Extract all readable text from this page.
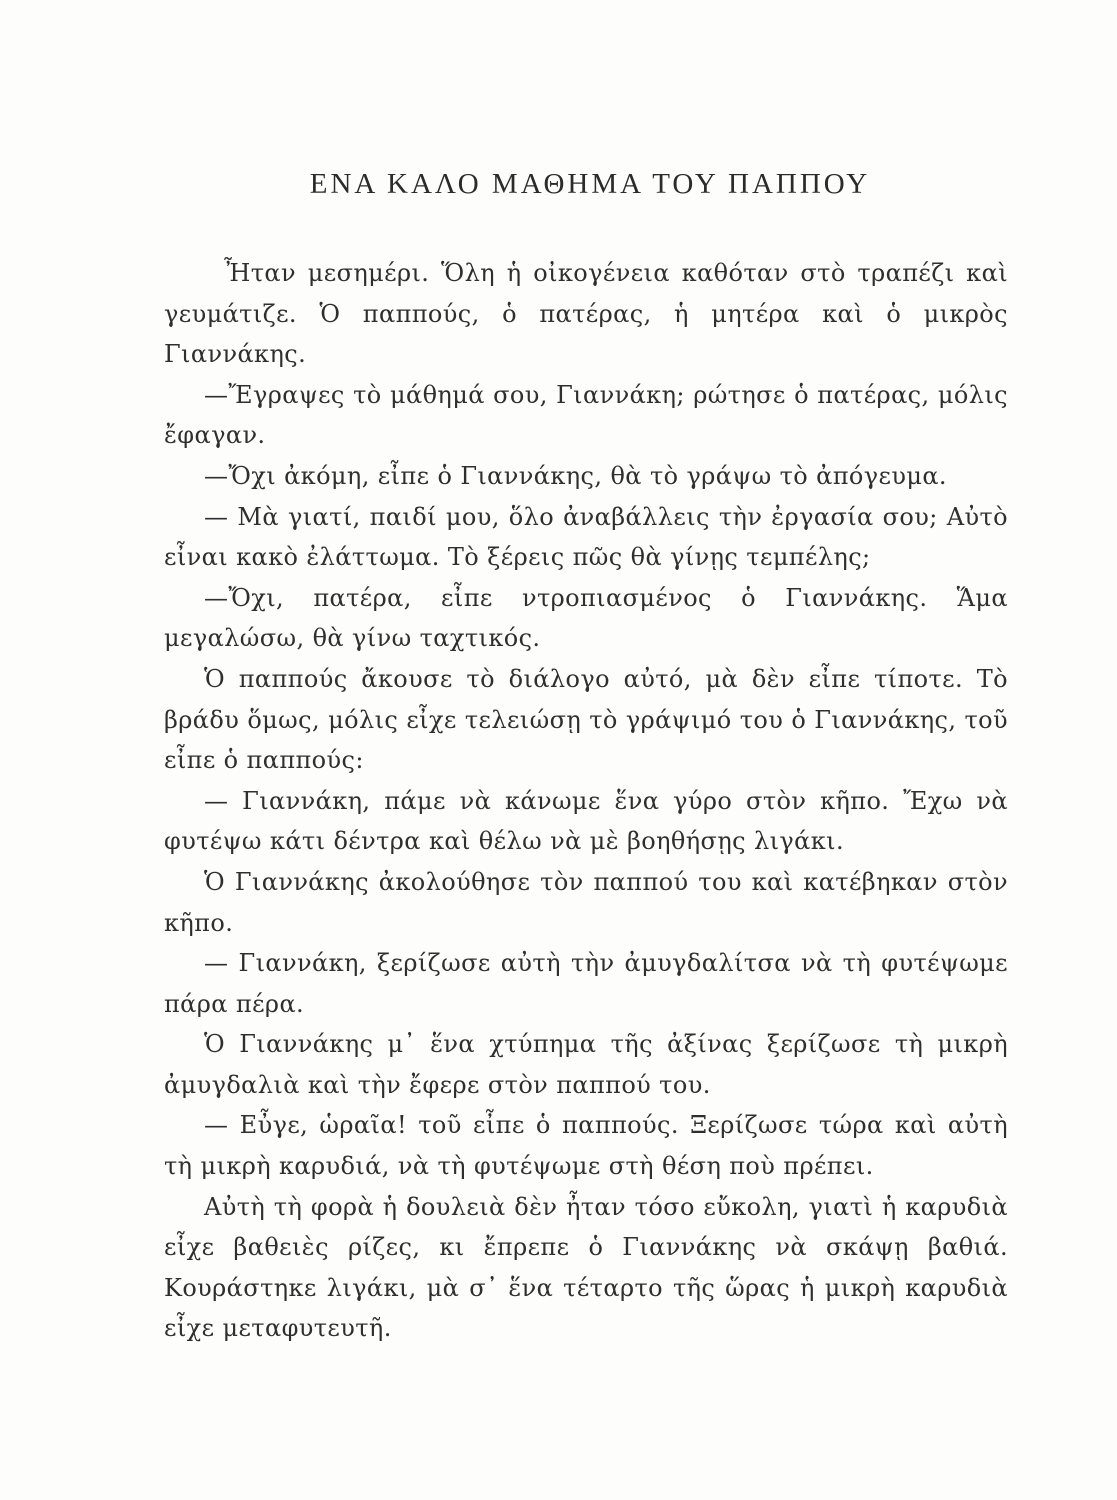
ΕΝΑ ΚΑΛΟ ΜΑΘΗΜΑ ΤΟΥ ΠΑΠΠΟΥ

Ἦταν μεσημέρι. Ὅλη ἡ οἰκογένεια καθόταν στὸ τραπέζι καὶ γευμάτιζε. Ὁ παππούς, ὁ πατέρας, ἡ μητέρα καὶ ὁ μικρὸς Γιαννάκης.

—Ἔγραψες τὸ μάθημά σου, Γιαννάκη; ρώτησε ὁ πατέρας, μόλις ἔφαγαν.

—Ὄχι ἀκόμη, εἶπε ὁ Γιαννάκης, θὰ τὸ γράψω τὸ ἀπόγευμα.

— Μὰ γιατί, παιδί μου, ὅλο ἀναβάλλεις τὴν ἐργασία σου; Αὐτὸ εἶναι κακὸ ἐλάττωμα. Τὸ ξέρεις πῶς θὰ γίνῃς τεμπέλης;

—Ὄχι, πατέρα, εἶπε ντροπιασμένος ὁ Γιαννάκης. Ἅμα μεγαλώσω, θὰ γίνω ταχτικός.

Ὁ παππούς ἄκουσε τὸ διάλογο αὐτό, μὰ δὲν εἶπε τίποτε. Τὸ βράδυ ὅμως, μόλις εἶχε τελειώσῃ τὸ γράψιμό του ὁ Γιαννάκης, τοῦ εἶπε ὁ παππούς:

— Γιαννάκη, πάμε νὰ κάνωμε ἕνα γύρο στὸν κῆπο. Ἔχω νὰ φυτέψω κάτι δέντρα καὶ θέλω νὰ μὲ βοηθήσῃς λιγάκι.

Ὁ Γιαννάκης ἀκολούθησε τὸν παππού του καὶ κατέβηκαν στὸν κῆπο.

— Γιαννάκη, ξερίζωσε αὐτὴ τὴν ἀμυγδαλίτσα νὰ τὴ φυτέψωμε πάρα πέρα.

Ὁ Γιαννάκης μ᾽ ἕνα χτύπημα τῆς ἀξίνας ξερίζωσε τὴ μικρὴ ἀμυγδαλιὰ καὶ τὴν ἔφερε στὸν παππού του.

— Εὖγε, ὡραῖα! τοῦ εἶπε ὁ παππούς. Ξερίζωσε τώρα καὶ αὐτὴ τὴ μικρὴ καρυδιά, νὰ τὴ φυτέψωμε στὴ θέση ποὺ πρέπει.

Αὐτὴ τὴ φορὰ ἡ δουλειὰ δὲν ἦταν τόσο εὔκολη, γιατὶ ἡ καρυδιὰ εἶχε βαθειὲς ρίζες, κι ἔπρεπε ὁ Γιαννάκης νὰ σκάψῃ βαθιά. Κουράστηκε λιγάκι, μὰ σ᾽ ἕνα τέταρτο τῆς ὥρας ἡ μικρὴ καρυδιὰ εἶχε μεταφυτευτῆ.
